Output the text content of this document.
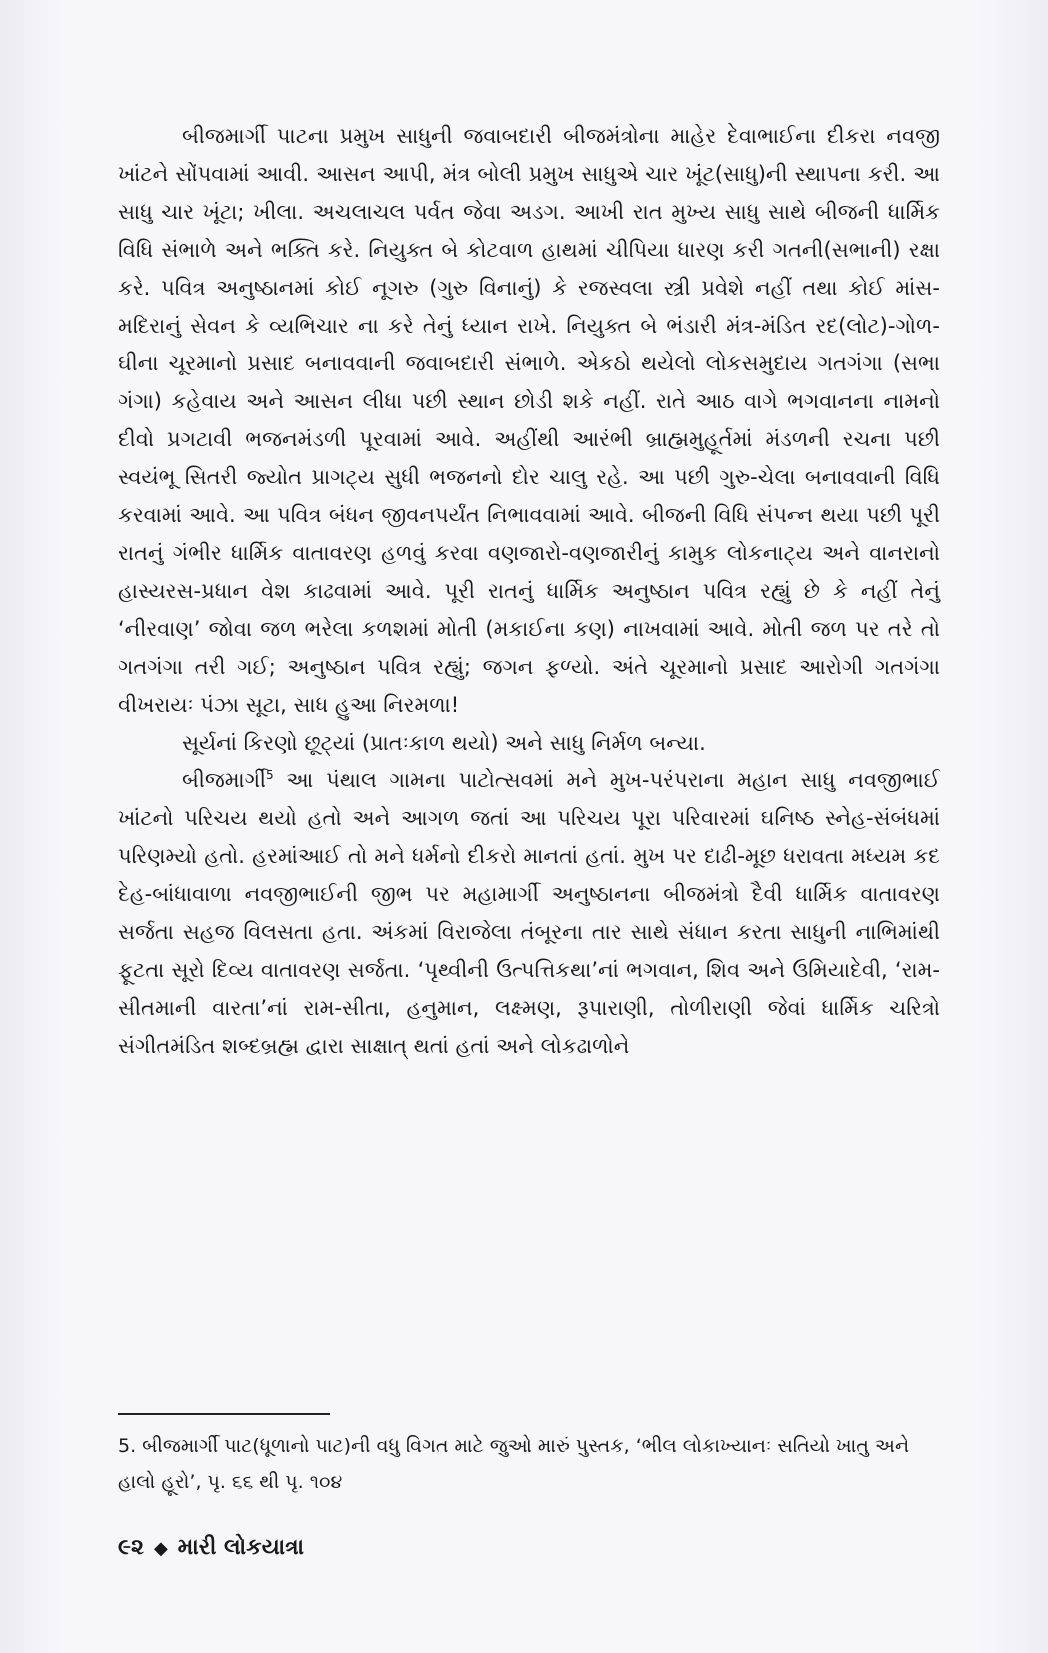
બીજમાર્ગી પાટના પ્રમુખ સાધુની જવાબદારી બીજમંત્રોના માહેર દેવાભાઈના દીકરા નવજી ખાંટને સોંપવામાં આવી. આસન આપી, મંત્ર બોલી પ્રમુખ સાધુએ ચાર ખૂંટ(સાધુ)ની સ્થાપના કરી. આ સાધુ ચાર ખૂંટા; ખીલા. અચલાચલ પર્વત જેવા અડગ. આખી રાત મુખ્ય સાધુ સાથે બીજની ધાર્મિક વિધિ સંભાળે અને ભક્તિ કરે. નિયુક્ત બે કોટવાળ હાથમાં ચીપિયા ધારણ કરી ગતની(સભાની) રક્ષા કરે. પવિત્ર અનુષ્ઠાનમાં કોઈ નૂગરુ (ગુરુ વિનાનું) કે રજસ્વલા સ્ત્રી પ્રવેશે નહીં તથા કોઈ માંસ-મદિરાનું સેવન કે વ્યભિચાર ના કરે તેનું ધ્યાન રાખે. નિયુક્ત બે ભંડારી મંત્ર-મંડિત રદ(લોટ)-ગોળ-ઘીના ચૂરમાનો પ્રસાદ બનાવવાની જવાબદારી સંભાળે. એકઠો થયેલો લોકસમુદાય ગતગંગા (સભા ગંગા) કહેવાય અને આસન લીધા પછી સ્થાન છોડી શકે નહીં. રાતે આઠ વાગે ભગવાનના નામનો દીવો પ્રગટાવી ભજનમંડળી પૂરવામાં આવે. અહીંથી આરંભી બ્રાહ્મમુહૂર્તમાં મંડળની રચના પછી સ્વયંભૂ સિતરી જ્યોત પ્રાગટ્ય સુધી ભજનનો દોર ચાલુ રહે. આ પછી ગુરુ-ચેલા બનાવવાની વિધિ કરવામાં આવે. આ પવિત્ર બંધન જીવનપર્યંત નિભાવવામાં આવે. બીજની વિધિ સંપન્ન થયા પછી પૂરી રાતનું ગંભીર ધાર્મિક વાતાવરણ હળવું કરવા વણજારો-વણજારીનું કામુક લોકનાટ્ય અને વાનરાનો હાસ્યરસ-પ્રધાન વેશ કાઢવામાં આવે. પૂરી રાતનું ધાર્મિક અનુષ્ઠાન પવિત્ર રહ્યું છે કે નહીં તેનું ‘નીરવાણ’ જોવા જળ ભરેલા કળશમાં મોતી (મકાઈના કણ) નાખવામાં આવે. મોતી જળ પર તરે તો ગતગંગા તરી ગઈ; અનુષ્ઠાન પવિત્ર રહ્યું; જગન ફળ્યો. અંતે ચૂરમાનો પ્રસાદ આરોગી ગતગંગા વીખરાયઃ પંઝા સૂટા, સાધ હુઆ નિરમળા!

સૂર્યનાં કિરણો છૂટ્યાં (પ્રાતઃકાળ થયો) અને સાધુ નિર્મળ બન્યા.

બીજમાર્ગી$^5$ આ પંથાલ ગામના પાટોત્સવમાં મને મુખ-પરંપરાના મહાન સાધુ નવજીભાઈ ખાંટનો પરિચય થયો હતો અને આગળ જતાં આ પરિચય પૂરા પરિવારમાં ઘનિષ્ઠ સ્નેહ-સંબંધમાં પરિણમ્યો હતો. હરમાંઆઈ તો મને ધર્મનો દીકરો માનતાં હતાં. મુખ પર દાઢી-મૂછ ધરાવતા મધ્યમ કદ દેહ-બાંધાવાળા નવજીભાઈની જીભ પર મહામાર્ગી અનુષ્ઠાનના બીજમંત્રો દૈવી ધાર્મિક વાતાવરણ સર્જતા સહજ વિલસતા હતા. અંકમાં વિરાજેલા તંબૂરના તાર સાથે સંધાન કરતા સાધુની નાભિમાંથી ફૂટતા સૂરો દિવ્ય વાતાવરણ સર્જતા. ‘પૃથ્વીની ઉત્પત્તિકથા’નાં ભગવાન, શિવ અને ઉમિયાદેવી, ‘રામ-સીતમાની વારતા’નાં રામ-સીતા, હનુમાન, લક્ષ્મણ, રૂપારાણી, તોળીરાણી જેવાં ધાર્મિક ચરિત્રો સંગીતમંડિત શબ્દબ્રહ્મ દ્વારા સાક્ષાત્ થતાં હતાં અને લોકઢાળોને

5. બીજમાર્ગી પાટ(ધૂળાનો પાટ)ની વધુ વિગત માટે જુઓ મારું પુસ્તક, ‘ભીલ લોકાખ્યાનઃ સતિયો ખાતુ અને હાલો હૂરો’, પૃ. ૬૬ થી પૃ. ૧૦૪

૯૨ ◆ મારી લોકયાત્રા
